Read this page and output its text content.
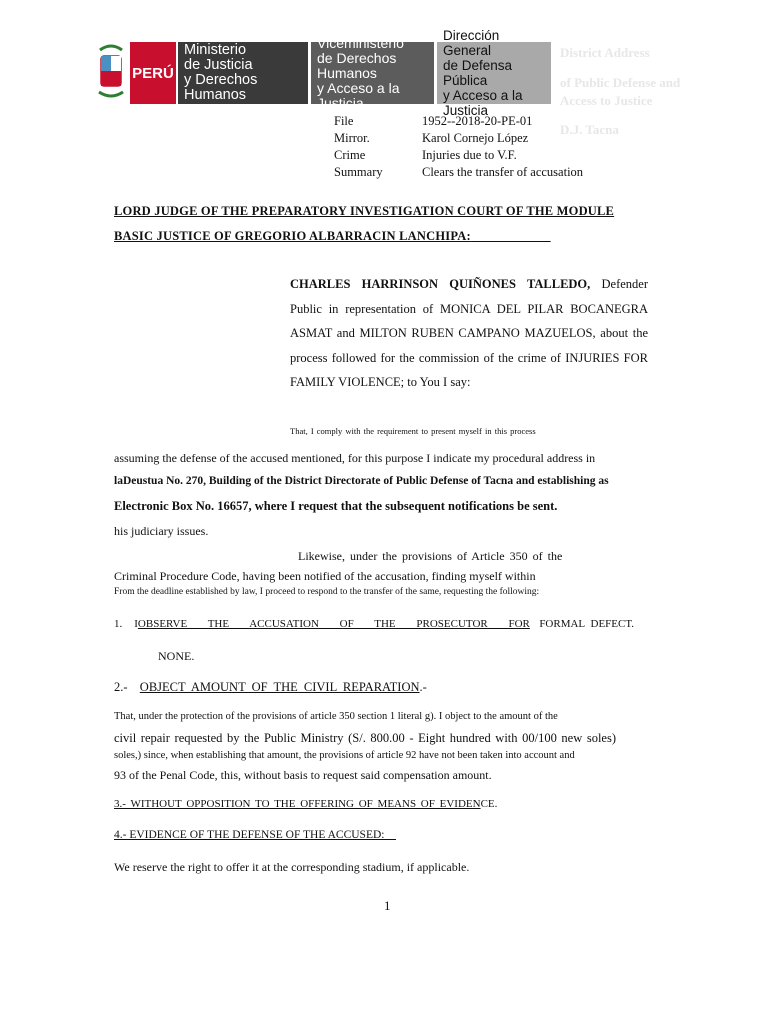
PERÚ
Ministerio
de Justicia
y Derechos Humanos
Viceministerio
de Derechos Humanos
y Acceso a la Justicia
Dirección General
de Defensa Pública
y Acceso a la Justicia
District Address
of Public Defense and
Access to Justice
D.J. Tacna
File	1952--2018-20-PE-01
Mirror.	Karol Cornejo López
Crime	Injuries due to V.F.
Summary	Clears the transfer of accusation
LORD JUDGE OF THE PREPARATORY INVESTIGATION COURT OF THE MODULE
BASIC JUSTICE OF GREGORIO ALBARRACIN LANCHIPA:
CHARLES HARRINSON QUIÑONES TALLEDO, Defender Public in representation of MONICA DEL PILAR BOCANEGRA ASMAT and MILTON RUBEN CAMPANO MAZUELOS, about the process followed for the commission of the crime of INJURIES FOR FAMILY VIOLENCE; to You I say:
That, I comply with the requirement to present myself in this process
assuming the defense of the accused mentioned, for this purpose I indicate my procedural address in
laDeustua No. 270, Building of the District Directorate of Public Defense of Tacna and establishing as
Electronic Box No. 16657, where I request that the subsequent notifications be sent.
his judiciary issues.
Likewise, under the provisions of Article 350 of the
Criminal Procedure Code, having been notified of the accusation, finding myself within
From the deadline established by law, I proceed to respond to the transfer of the same, requesting the following:
1. IOBSERVE THE ACCUSATION OF THE PROSECUTOR FOR FORMAL DEFECT.
NONE.
2.- OBJECT AMOUNT OF THE CIVIL REPARATION.-
That, under the protection of the provisions of article 350 section 1 literal g). I object to the amount of the
civil repair requested by the Public Ministry (S/. 800.00 - Eight hundred with 00/100 new soles)
soles,) since, when establishing that amount, the provisions of article 92 have not been taken into account and
93 of the Penal Code, this, without basis to request said compensation amount.
3.- WITHOUT OPPOSITION TO THE OFFERING OF MEANS OF EVIDENCE.
4.- EVIDENCE OF THE DEFENSE OF THE ACCUSED:
We reserve the right to offer it at the corresponding stadium, if applicable.
1
